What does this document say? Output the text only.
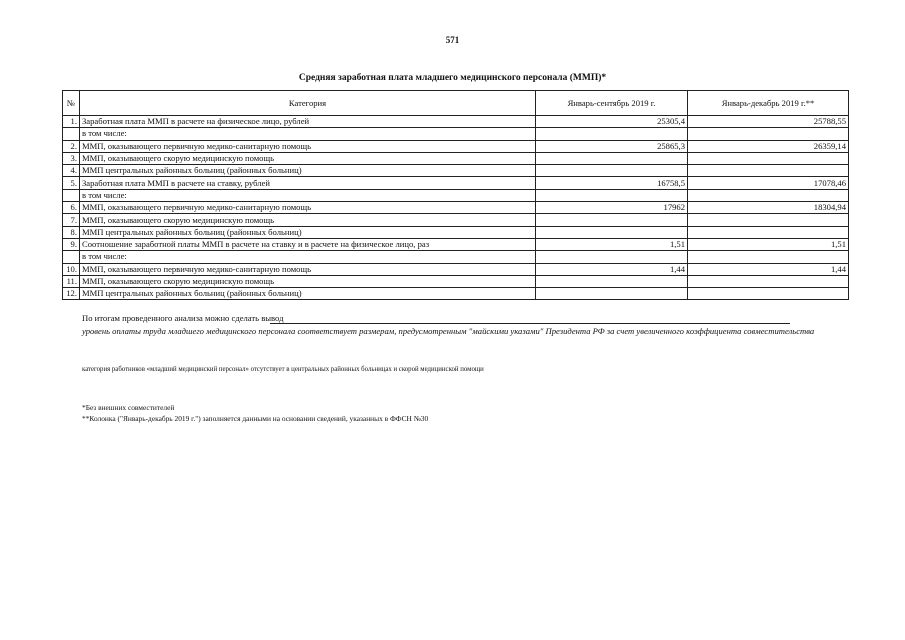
571
Средняя заработная плата младшего медицинского персонала (ММП)*
№	Категория	Январь-сентябрь 2019 г.	Январь-декабрь 2019 г.**
1.	Заработная плата ММП в расчете на физическое лицо, рублей	25305,4	25788,55
	в том числе:		
2.	ММП, оказывающего первичную медико-санитарную помощь	25865,3	26359,14
3.	ММП, оказывающего скорую медицинскую помощь		
4.	ММП центральных районных больниц (районных больниц)		
5.	Заработная плата ММП в расчете на ставку, рублей	16758,5	17078,46
	в том числе:		
6.	ММП, оказывающего первичную медико-санитарную помощь	17962	18304,94
7.	ММП, оказывающего скорую медицинскую помощь		
8.	ММП центральных районных больниц (районных больниц)		
9.	Соотношение заработной платы ММП в расчете на ставку и в расчете на физическое лицо, раз	1,51	1,51
	в том числе:		
10.	ММП, оказывающего первичную медико-санитарную помощь	1,44	1,44
11.	ММП, оказывающего скорую медицинскую помощь		
12.	ММП центральных районных больниц (районных больниц)		
По итогам проведенного анализа можно сделать вывод
уровень оплаты труда младшего медицинского персонала соответствует размерам, предусмотренным "майскими указами" Президента РФ за счет увеличенного коэффициента совместительства
категория работников «младший медицинский персонал» отсутствует в центральных районных больницах и скорой медицинской помощи
*Без внешних совместителей
**Колонка ("Январь-декабрь 2019 г.") заполняется данными на основании сведений, указанных в ФФСН №30
